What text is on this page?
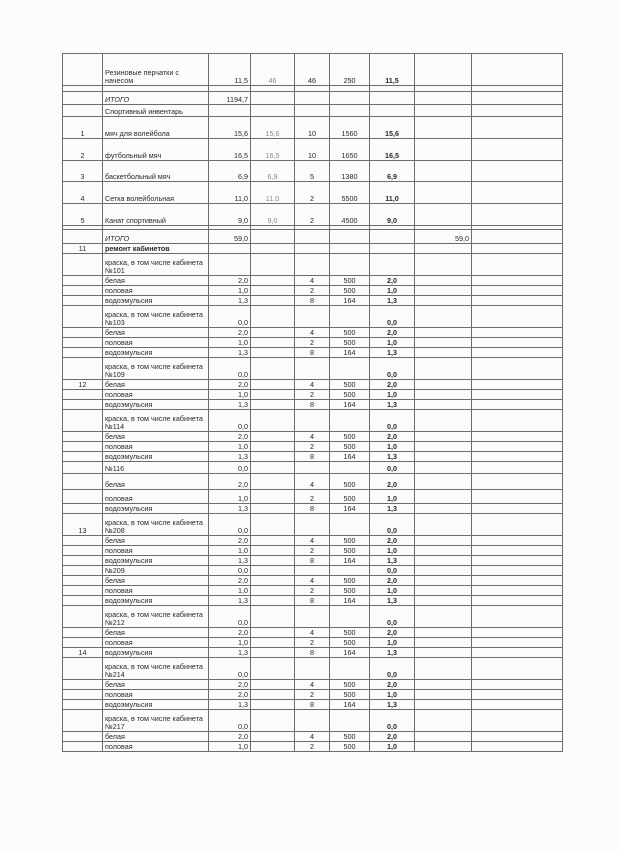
	Резиновые перчатки с начесом	11,5	46	46	250	11,5		

	ИТОГО	1194,7						
	Спортивный инвентарь							
1	мяч для волейбола	15,6	15,6	10	1560	15,6		
2	футбольный мяч	16,5	16,5	10	1650	16,5		
3	баскетбольный мяч	6,9	6,9	5	1380	6,9		
4	Сетка волейбольная	11,0	11,0	2	5500	11,0		
5	Канат спортивный	9,0	9,0	2	4500	9,0		

	ИТОГО	59,0					59,0	
11	ремонт кабинетов							
	краска, в том числе кабинета №101							
	белая	2,0		4	500	2,0		
	половая	1,0		2	500	1,0		
	водоэмульсия	1,3		8	164	1,3		
	краска, в том числе кабинета №103	0,0				0,0		
	белая	2,0		4	500	2,0		
	половая	1,0		2	500	1,0		
	водоэмульсия	1,3		8	164	1,3		
	краска, в том числе кабинета №109	0,0				0,0		
12	белая	2,0		4	500	2,0		
	половая	1,0		2	500	1,0		
	водоэмульсия	1,3		8	164	1,3		
	краска, в том числе кабинета №114	0,0				0,0		
	белая	2,0		4	500	2,0		
	половая	1,0		2	500	1,0		
	водоэмульсия	1,3		8	164	1,3		
	№116	0,0				0,0		
	белая	2,0		4	500	2,0		
	половая	1,0		2	500	1,0		
	водоэмульсия	1,3		8	164	1,3		
13	краска, в том числе кабинета №208	0,0				0,0		
	белая	2,0		4	500	2,0		
	половая	1,0		2	500	1,0		
	водоэмульсия	1,3		8	164	1,3		
	№209	0,0				0,0		
	белая	2,0		4	500	2,0		
	половая	1,0		2	500	1,0		
	водоэмульсия	1,3		8	164	1,3		
	краска, в том числе кабинета №212	0,0				0,0		
	белая	2,0		4	500	2,0		
	половая	1,0		2	500	1,0		
14	водоэмульсия	1,3		8	164	1,3		
	краска, в том числе кабинета №214	0,0				0,0		
	белая	2,0		4	500	2,0		
	половая	2,0		2	500	1,0		
	водоэмульсия	1,3		8	164	1,3		
	краска, в том числе кабинета №217	0,0				0,0		
	белая	2,0		4	500	2,0		
	половая	1,0		2	500	1,0		
